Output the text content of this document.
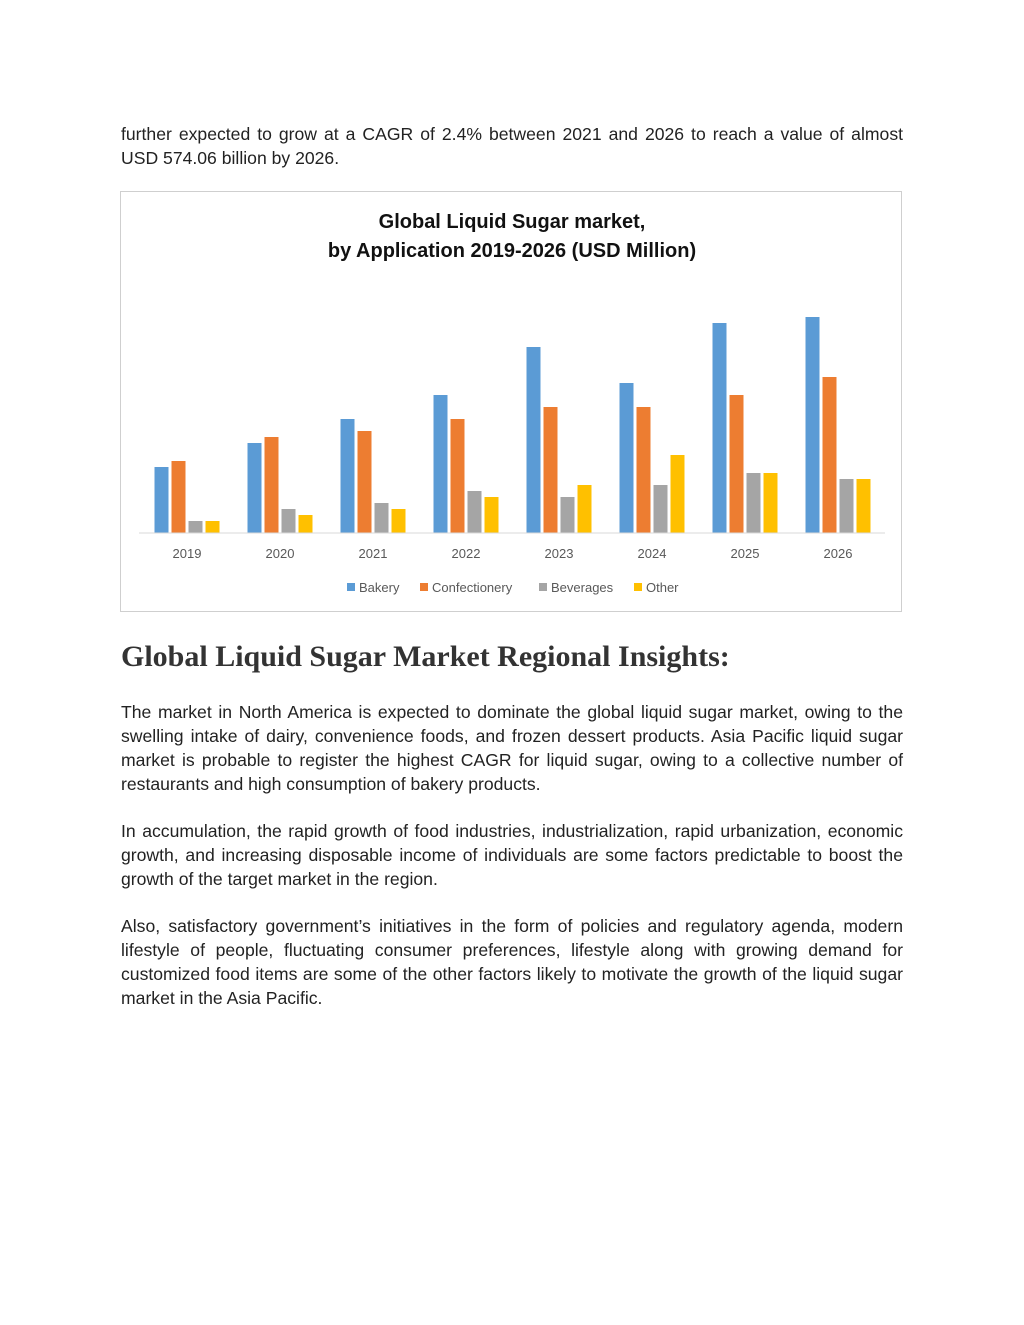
further expected to grow at a CAGR of 2.4% between 2021 and 2026 to reach a value of almost USD 574.06 billion by 2026.

Global Liquid Sugar market,
by Application 2019-2026 (USD Million)
2019	2020	2021	2022	2023	2024	2025	2026
Bakery	Confectionery	Beverages	Other
Global Liquid Sugar Market Regional Insights:

The market in North America is expected to dominate the global liquid sugar market, owing to the swelling intake of dairy, convenience foods, and frozen dessert products. Asia Pacific liquid sugar market is probable to register the highest CAGR for liquid sugar, owing to a collective number of restaurants and high consumption of bakery products.

In accumulation, the rapid growth of food industries, industrialization, rapid urbanization, economic growth, and increasing disposable income of individuals are some factors predictable to boost the growth of the target market in the region.

Also, satisfactory government’s initiatives in the form of policies and regulatory agenda, modern lifestyle of people, fluctuating consumer preferences, lifestyle along with growing demand for customized food items are some of the other factors likely to motivate the growth of the liquid sugar market in the Asia Pacific.
